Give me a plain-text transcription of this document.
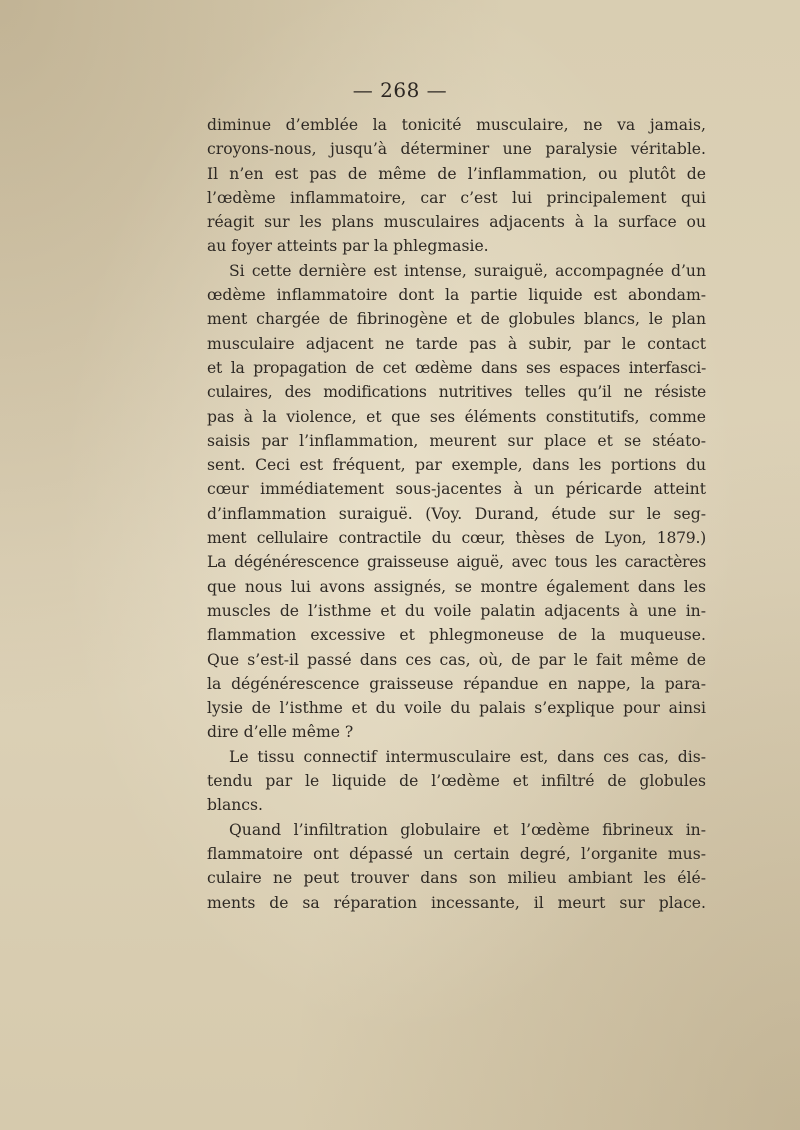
— 268 —
diminue d’emblée la tonicité musculaire, ne va jamais,
croyons-nous, jusqu’à déterminer une paralysie véritable.
Il n’en est pas de même de l’inflammation, ou plutôt de
l’œdème inflammatoire, car c’est lui principalement qui
réagit sur les plans musculaires adjacents à la surface ou
au foyer atteints par la phlegmasie.
Si cette dernière est intense, suraiguë, accompagnée d’un
œdème inflammatoire dont la partie liquide est abondam-
ment chargée de fibrinogène et de globules blancs, le plan
musculaire adjacent ne tarde pas à subir, par le contact
et la propagation de cet œdème dans ses espaces interfasci-
culaires, des modifications nutritives telles qu’il ne résiste
pas à la violence, et que ses éléments constitutifs, comme
saisis par l’inflammation, meurent sur place et se stéato-
sent. Ceci est fréquent, par exemple, dans les portions du
cœur immédiatement sous-jacentes à un péricarde atteint
d’inflammation suraiguë. (Voy. Durand, étude sur le seg-
ment cellulaire contractile du cœur, thèses de Lyon, 1879.)
La dégénérescence graisseuse aiguë, avec tous les caractères
que nous lui avons assignés, se montre également dans les
muscles de l’isthme et du voile palatin adjacents à une in-
flammation excessive et phlegmoneuse de la muqueuse.
Que s’est-il passé dans ces cas, où, de par le fait même de
la dégénérescence graisseuse répandue en nappe, la para-
lysie de l’isthme et du voile du palais s’explique pour ainsi
dire d’elle même ?
Le tissu connectif intermusculaire est, dans ces cas, dis-
tendu par le liquide de l’œdème et infiltré de globules
blancs.
Quand l’infiltration globulaire et l’œdème fibrineux in-
flammatoire ont dépassé un certain degré, l’organite mus-
culaire ne peut trouver dans son milieu ambiant les élé-
ments de sa réparation incessante, il meurt sur place.
